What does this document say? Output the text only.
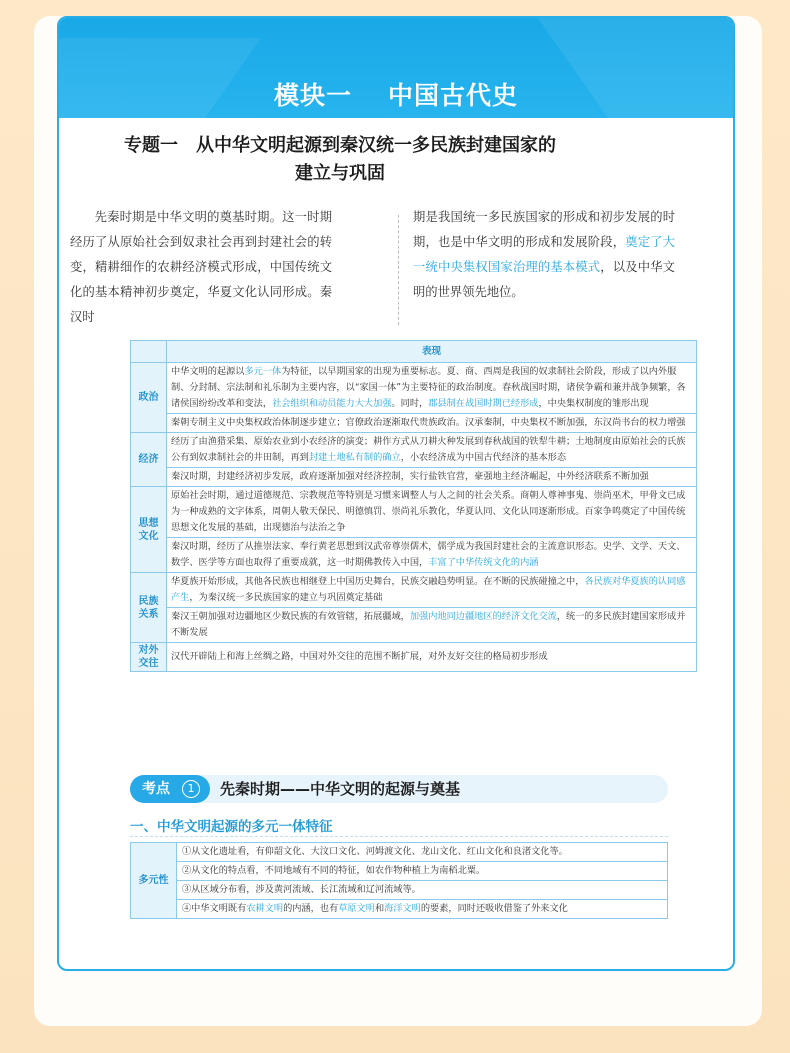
模块一 中国古代史
专题一　从中华文明起源到秦汉统一多民族封建国家的
建立与巩固
先秦时期是中华文明的奠基时期。这一时期经历了从原始社会到奴隶社会再到封建社会的转变，精耕细作的农耕经济模式形成，中国传统文化的基本精神初步奠定，华夏文化认同形成。秦汉时
期是我国统一多民族国家的形成和初步发展的时期，也是中华文明的形成和发展阶段，奠定了大一统中央集权国家治理的基本模式，以及中华文明的世界领先地位。
	表现
政治	中华文明的起源以多元一体为特征，以早期国家的出现为重要标志。夏、商、西周是我国的奴隶制社会阶段，形成了以内外服制、分封制、宗法制和礼乐制为主要内容，以“家国一体”为主要特征的政治制度。春秋战国时期，诸侯争霸和兼并战争频繁，各诸侯国纷纷改革和变法，社会组织和动员能力大大加强。同时，郡县制在战国时期已经形成，中央集权制度的雏形出现
	秦朝专制主义中央集权政治体制逐步建立；官僚政治逐渐取代贵族政治。汉承秦制，中央集权不断加强，东汉尚书台的权力增强
经济	经历了由渔猎采集、原始农业到小农经济的演变；耕作方式从刀耕火种发展到春秋战国的铁犁牛耕；土地制度由原始社会的氏族公有到奴隶制社会的井田制，再到封建土地私有制的确立，小农经济成为中国古代经济的基本形态
	秦汉时期，封建经济初步发展，政府逐渐加强对经济控制，实行盐铁官营，豪强地主经济崛起，中外经济联系不断加强
思想文化	原始社会时期，通过道德规范、宗教规范等特别是习惯来调整人与人之间的社会关系。商朝人尊神事鬼、崇尚巫术，甲骨文已成为一种成熟的文字体系，周朝人敬天保民、明德慎罚、崇尚礼乐教化，华夏认同、文化认同逐渐形成。百家争鸣奠定了中国传统思想文化发展的基础，出现德治与法治之争
	秦汉时期，经历了从推崇法家、奉行黄老思想到汉武帝尊崇儒术，儒学成为我国封建社会的主流意识形态。史学、文学、天文、数学、医学等方面也取得了重要成就，这一时期佛教传入中国，丰富了中华传统文化的内涵
民族关系	华夏族开始形成，其他各民族也相继登上中国历史舞台，民族交融趋势明显。在不断的民族碰撞之中，各民族对华夏族的认同感产生，为秦汉统一多民族国家的建立与巩固奠定基础
	秦汉王朝加强对边疆地区少数民族的有效管辖，拓展疆域，加强内地同边疆地区的经济文化交流，统一的多民族封建国家形成并不断发展
对外交往	汉代开辟陆上和海上丝绸之路，中国对外交往的范围不断扩展，对外友好交往的格局初步形成
考点	1	先秦时期——中华文明的起源与奠基
一、中华文明起源的多元一体特征
多元性	①从文化遗址看，有仰韶文化、大汶口文化、河姆渡文化、龙山文化、红山文化和良渚文化等。
②从文化的特点看，不同地域有不同的特征，如农作物种植上为南稻北粟。
③从区域分布看，涉及黄河流域、长江流域和辽河流域等。
④中华文明既有农耕文明的内涵，也有草原文明和海洋文明的要素，同时还吸收借鉴了外来文化
